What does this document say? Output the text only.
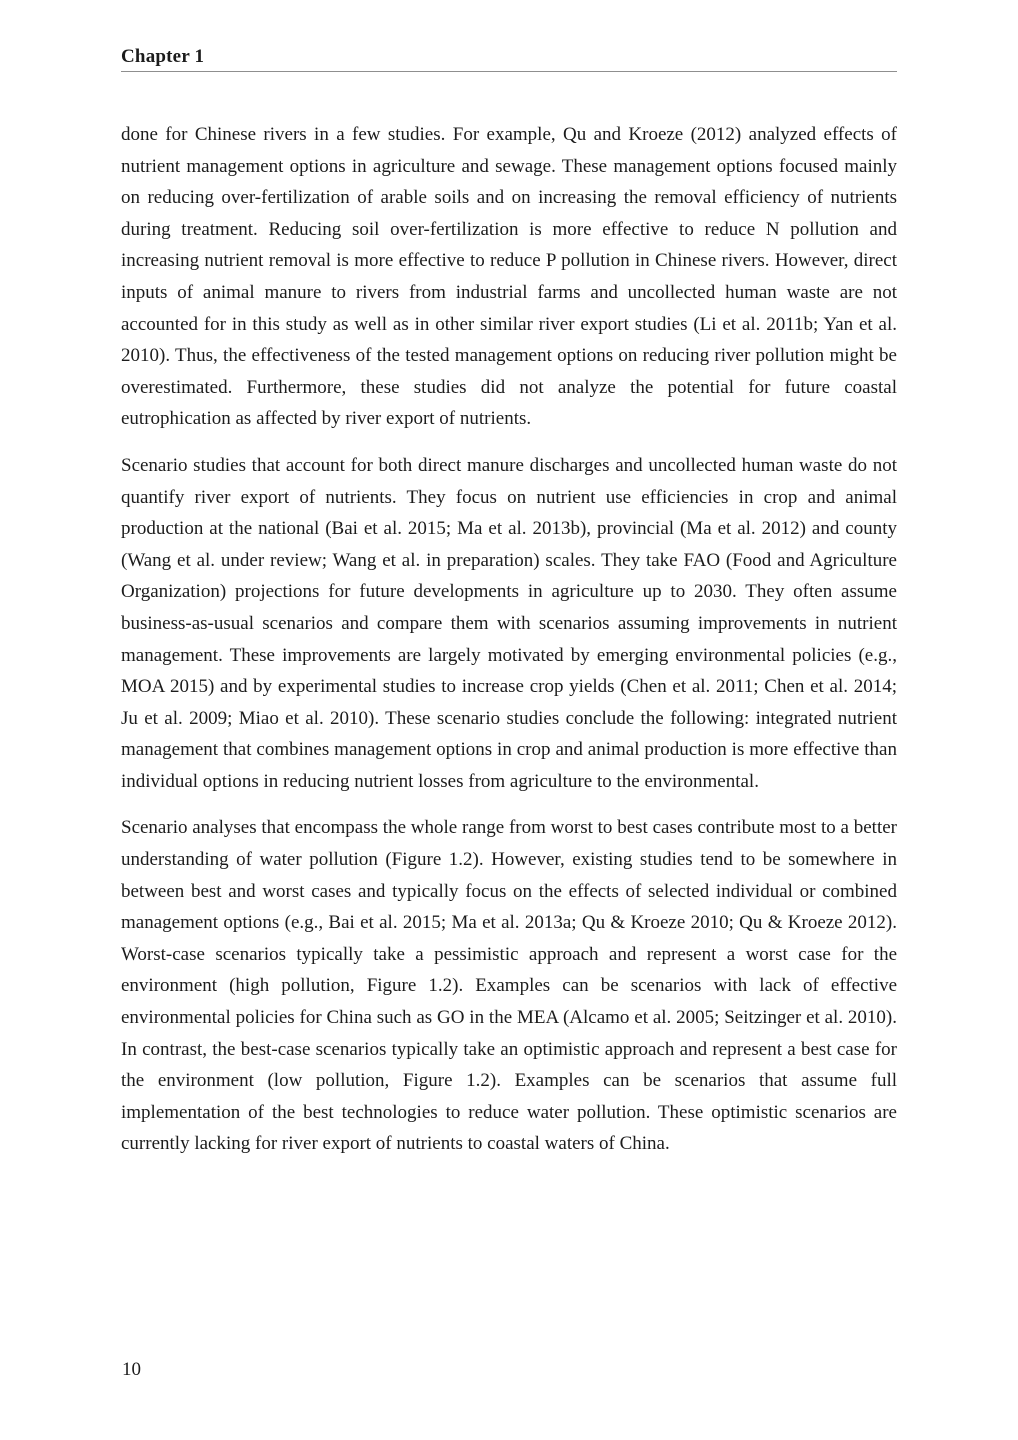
Chapter 1

done for Chinese rivers in a few studies. For example, Qu and Kroeze (2012) analyzed effects of nutrient management options in agriculture and sewage. These management options focused mainly on reducing over-fertilization of arable soils and on increasing the removal efficiency of nutrients during treatment. Reducing soil over-fertilization is more effective to reduce N pollution and increasing nutrient removal is more effective to reduce P pollution in Chinese rivers. However, direct inputs of animal manure to rivers from industrial farms and uncollected human waste are not accounted for in this study as well as in other similar river export studies (Li et al. 2011b; Yan et al. 2010). Thus, the effectiveness of the tested management options on reducing river pollution might be overestimated. Furthermore, these studies did not analyze the potential for future coastal eutrophication as affected by river export of nutrients.

Scenario studies that account for both direct manure discharges and uncollected human waste do not quantify river export of nutrients. They focus on nutrient use efficiencies in crop and animal production at the national (Bai et al. 2015; Ma et al. 2013b), provincial (Ma et al. 2012) and county (Wang et al. under review; Wang et al. in preparation) scales. They take FAO (Food and Agriculture Organization) projections for future developments in agriculture up to 2030. They often assume business-as-usual scenarios and compare them with scenarios assuming improvements in nutrient management. These improvements are largely motivated by emerging environmental policies (e.g., MOA 2015) and by experimental studies to increase crop yields (Chen et al. 2011; Chen et al. 2014; Ju et al. 2009; Miao et al. 2010). These scenario studies conclude the following: integrated nutrient management that combines management options in crop and animal production is more effective than individual options in reducing nutrient losses from agriculture to the environmental.

Scenario analyses that encompass the whole range from worst to best cases contribute most to a better understanding of water pollution (Figure 1.2). However, existing studies tend to be somewhere in between best and worst cases and typically focus on the effects of selected individual or combined management options (e.g., Bai et al. 2015; Ma et al. 2013a; Qu & Kroeze 2010; Qu & Kroeze 2012). Worst-case scenarios typically take a pessimistic approach and represent a worst case for the environment (high pollution, Figure 1.2). Examples can be scenarios with lack of effective environmental policies for China such as GO in the MEA (Alcamo et al. 2005; Seitzinger et al. 2010). In contrast, the best-case scenarios typically take an optimistic approach and represent a best case for the environment (low pollution, Figure 1.2). Examples can be scenarios that assume full implementation of the best technologies to reduce water pollution. These optimistic scenarios are currently lacking for river export of nutrients to coastal waters of China.

10
